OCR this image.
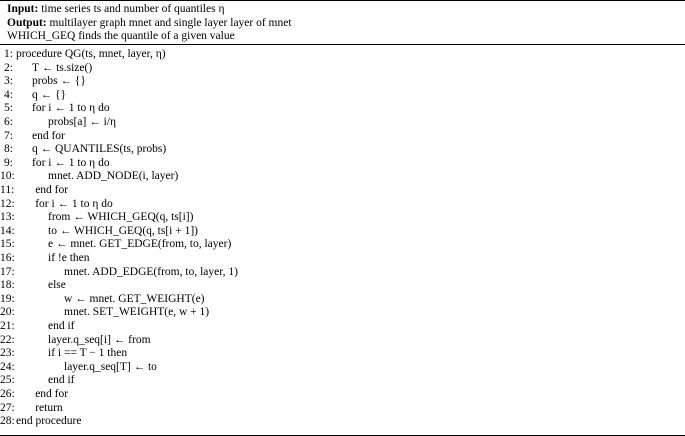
Input: time series ts and number of quantiles η
Output: multilayer graph mnet and single layer layer of mnet
WHICH_GEQ finds the quantile of a given value
1: procedure QG(ts, mnet, layer, η)
2: T ← ts.size()
3: probs ← {}
4: q ← {}
5: for i ← 1 to η do
6:	probs[a] ← i/η
7: end for
8: q ← QUANTILES(ts, probs)
9: for i ← 1 to η do
10:	mnet. ADD_NODE(i, layer)
11: end for
12: for i ← 1 to η do
13:	from ← WHICH_GEQ(q, ts[i])
14:	to ← WHICH_GEQ(q, ts[i + 1])
15:	e ← mnet. GET_EDGE(from, to, layer)
16:	if !e then
17:	mnet. ADD_EDGE(from, to, layer, 1)
18:	else
19:	w ← mnet. GET_WEIGHT(e)
20:	mnet. SET_WEIGHT(e, w + 1)
21:	end if
22:	layer.q_seq[i] ← from
23:	if i == T − 1 then
24:	layer.q_seq[T] ← to
25:	end if
26: end for
27: return
28: end procedure
